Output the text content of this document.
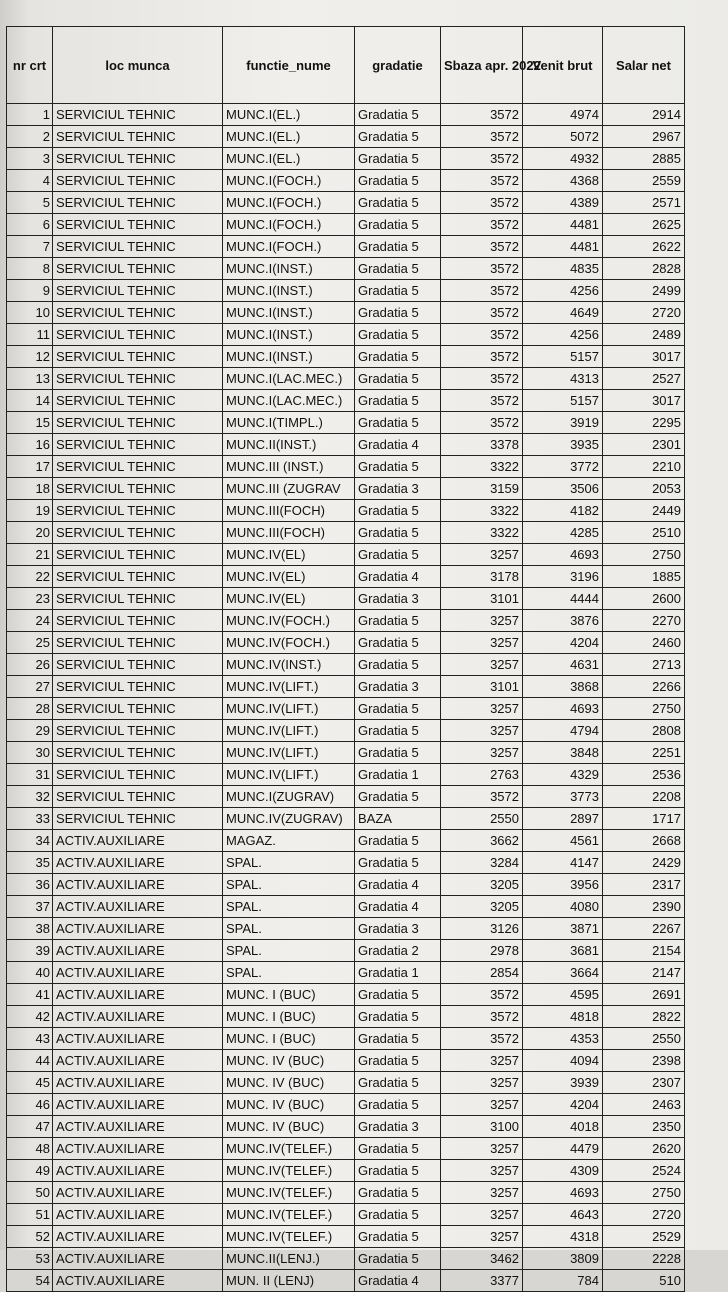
nr crt	loc munca	functie_nume	gradatie	Sbaza apr. 2022	Venit brut	Salar net
1	SERVICIUL TEHNIC	MUNC.I(EL.)	Gradatia 5	3572	4974	2914
2	SERVICIUL TEHNIC	MUNC.I(EL.)	Gradatia 5	3572	5072	2967
3	SERVICIUL TEHNIC	MUNC.I(EL.)	Gradatia 5	3572	4932	2885
4	SERVICIUL TEHNIC	MUNC.I(FOCH.)	Gradatia 5	3572	4368	2559
5	SERVICIUL TEHNIC	MUNC.I(FOCH.)	Gradatia 5	3572	4389	2571
6	SERVICIUL TEHNIC	MUNC.I(FOCH.)	Gradatia 5	3572	4481	2625
7	SERVICIUL TEHNIC	MUNC.I(FOCH.)	Gradatia 5	3572	4481	2622
8	SERVICIUL TEHNIC	MUNC.I(INST.)	Gradatia 5	3572	4835	2828
9	SERVICIUL TEHNIC	MUNC.I(INST.)	Gradatia 5	3572	4256	2499
10	SERVICIUL TEHNIC	MUNC.I(INST.)	Gradatia 5	3572	4649	2720
11	SERVICIUL TEHNIC	MUNC.I(INST.)	Gradatia 5	3572	4256	2489
12	SERVICIUL TEHNIC	MUNC.I(INST.)	Gradatia 5	3572	5157	3017
13	SERVICIUL TEHNIC	MUNC.I(LAC.MEC.)	Gradatia 5	3572	4313	2527
14	SERVICIUL TEHNIC	MUNC.I(LAC.MEC.)	Gradatia 5	3572	5157	3017
15	SERVICIUL TEHNIC	MUNC.I(TIMPL.)	Gradatia 5	3572	3919	2295
16	SERVICIUL TEHNIC	MUNC.II(INST.)	Gradatia 4	3378	3935	2301
17	SERVICIUL TEHNIC	MUNC.III (INST.)	Gradatia 5	3322	3772	2210
18	SERVICIUL TEHNIC	MUNC.III (ZUGRAV	Gradatia 3	3159	3506	2053
19	SERVICIUL TEHNIC	MUNC.III(FOCH)	Gradatia 5	3322	4182	2449
20	SERVICIUL TEHNIC	MUNC.III(FOCH)	Gradatia 5	3322	4285	2510
21	SERVICIUL TEHNIC	MUNC.IV(EL)	Gradatia 5	3257	4693	2750
22	SERVICIUL TEHNIC	MUNC.IV(EL)	Gradatia 4	3178	3196	1885
23	SERVICIUL TEHNIC	MUNC.IV(EL)	Gradatia 3	3101	4444	2600
24	SERVICIUL TEHNIC	MUNC.IV(FOCH.)	Gradatia 5	3257	3876	2270
25	SERVICIUL TEHNIC	MUNC.IV(FOCH.)	Gradatia 5	3257	4204	2460
26	SERVICIUL TEHNIC	MUNC.IV(INST.)	Gradatia 5	3257	4631	2713
27	SERVICIUL TEHNIC	MUNC.IV(LIFT.)	Gradatia 3	3101	3868	2266
28	SERVICIUL TEHNIC	MUNC.IV(LIFT.)	Gradatia 5	3257	4693	2750
29	SERVICIUL TEHNIC	MUNC.IV(LIFT.)	Gradatia 5	3257	4794	2808
30	SERVICIUL TEHNIC	MUNC.IV(LIFT.)	Gradatia 5	3257	3848	2251
31	SERVICIUL TEHNIC	MUNC.IV(LIFT.)	Gradatia 1	2763	4329	2536
32	SERVICIUL TEHNIC	MUNC.I(ZUGRAV)	Gradatia 5	3572	3773	2208
33	SERVICIUL TEHNIC	MUNC.IV(ZUGRAV)	BAZA	2550	2897	1717
34	ACTIV.AUXILIARE	MAGAZ.	Gradatia 5	3662	4561	2668
35	ACTIV.AUXILIARE	SPAL.	Gradatia 5	3284	4147	2429
36	ACTIV.AUXILIARE	SPAL.	Gradatia 4	3205	3956	2317
37	ACTIV.AUXILIARE	SPAL.	Gradatia 4	3205	4080	2390
38	ACTIV.AUXILIARE	SPAL.	Gradatia 3	3126	3871	2267
39	ACTIV.AUXILIARE	SPAL.	Gradatia 2	2978	3681	2154
40	ACTIV.AUXILIARE	SPAL.	Gradatia 1	2854	3664	2147
41	ACTIV.AUXILIARE	MUNC. I (BUC)	Gradatia 5	3572	4595	2691
42	ACTIV.AUXILIARE	MUNC. I (BUC)	Gradatia 5	3572	4818	2822
43	ACTIV.AUXILIARE	MUNC. I (BUC)	Gradatia 5	3572	4353	2550
44	ACTIV.AUXILIARE	MUNC. IV (BUC)	Gradatia 5	3257	4094	2398
45	ACTIV.AUXILIARE	MUNC. IV (BUC)	Gradatia 5	3257	3939	2307
46	ACTIV.AUXILIARE	MUNC. IV (BUC)	Gradatia 5	3257	4204	2463
47	ACTIV.AUXILIARE	MUNC. IV (BUC)	Gradatia 3	3100	4018	2350
48	ACTIV.AUXILIARE	MUNC.IV(TELEF.)	Gradatia 5	3257	4479	2620
49	ACTIV.AUXILIARE	MUNC.IV(TELEF.)	Gradatia 5	3257	4309	2524
50	ACTIV.AUXILIARE	MUNC.IV(TELEF.)	Gradatia 5	3257	4693	2750
51	ACTIV.AUXILIARE	MUNC.IV(TELEF.)	Gradatia 5	3257	4643	2720
52	ACTIV.AUXILIARE	MUNC.IV(TELEF.)	Gradatia 5	3257	4318	2529
53	ACTIV.AUXILIARE	MUNC.II(LENJ.)	Gradatia 5	3462	3809	2228
54	ACTIV.AUXILIARE	MUN. II (LENJ)	Gradatia 4	3377	784	510
